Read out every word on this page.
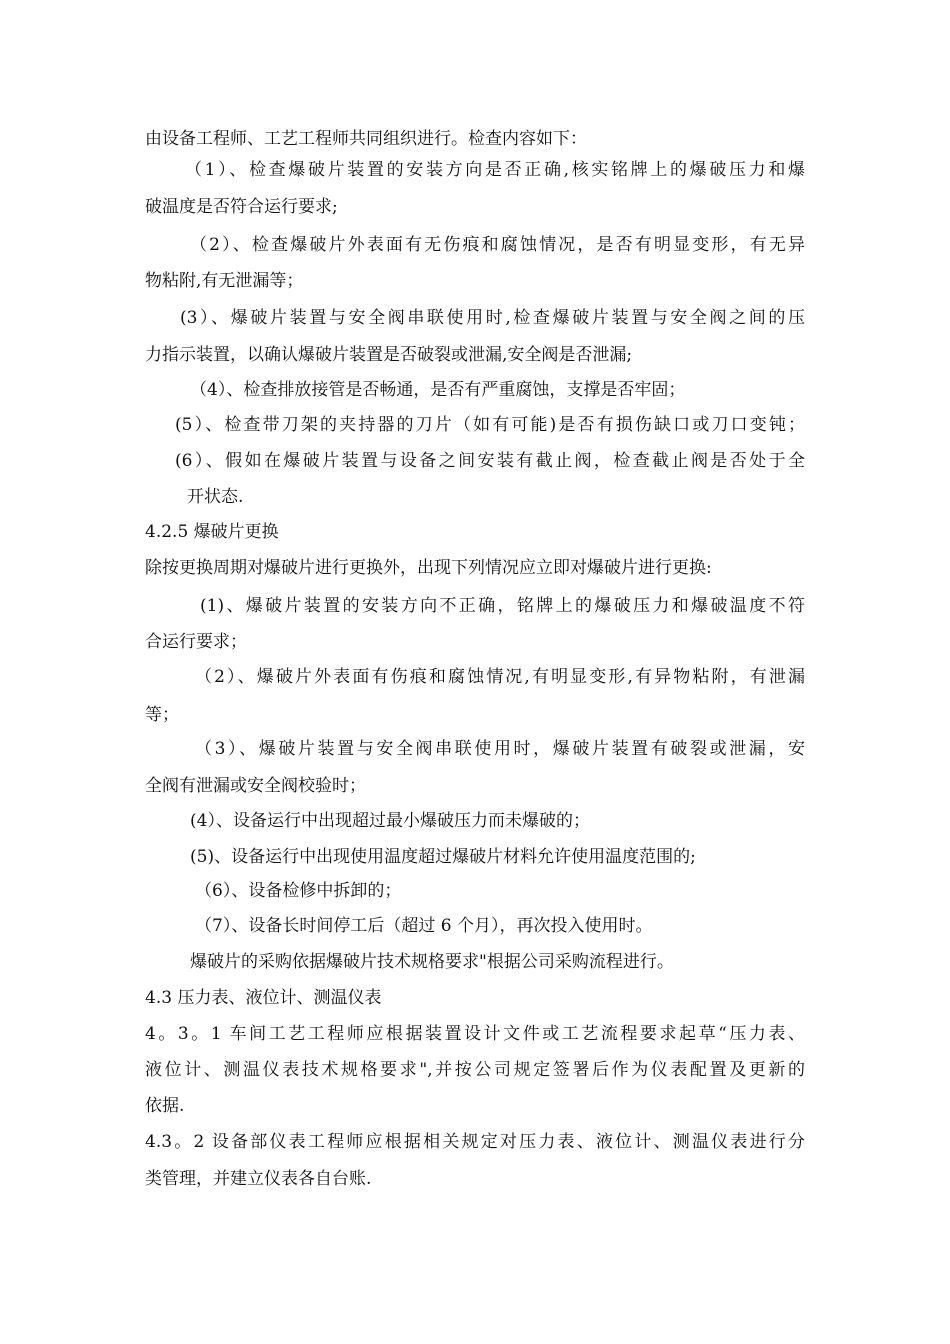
由设备工程师、工艺工程师共同组织进行。检查内容如下：
（1）、检查爆破片装置的安装方向是否正确,核实铭牌上的爆破压力和爆
破温度是否符合运行要求;
（2）、检查爆破片外表面有无伤痕和腐蚀情况，是否有明显变形，有无异
物粘附,有无泄漏等；
(3）、爆破片装置与安全阀串联使用时,检查爆破片装置与安全阀之间的压
力指示装置，以确认爆破片装置是否破裂或泄漏,安全阀是否泄漏;
（4）、检查排放接管是否畅通，是否有严重腐蚀，支撑是否牢固；
(5）、检查带刀架的夹持器的刀片（如有可能)是否有损伤缺口或刀口变钝；
(6）、假如在爆破片装置与设备之间安装有截止阀，检查截止阀是否处于全
开状态.
4.2.5 爆破片更换
除按更换周期对爆破片进行更换外，出现下列情况应立即对爆破片进行更换:
(1)、爆破片装置的安装方向不正确，铭牌上的爆破压力和爆破温度不符
合运行要求；
（2）、爆破片外表面有伤痕和腐蚀情况,有明显变形,有异物粘附，有泄漏
等；
（3）、爆破片装置与安全阀串联使用时，爆破片装置有破裂或泄漏，安
全阀有泄漏或安全阀校验时；
(4）、设备运行中出现超过最小爆破压力而未爆破的；
(5)、设备运行中出现使用温度超过爆破片材料允许使用温度范围的;
（6）、设备检修中拆卸的；
（7）、设备长时间停工后（超过 6 个月），再次投入使用时。
爆破片的采购依据爆破片技术规格要求"根据公司采购流程进行。
4.3 压力表、液位计、测温仪表
4。3。1 车间工艺工程师应根据装置设计文件或工艺流程要求起草“压力表、
液位计、测温仪表技术规格要求",并按公司规定签署后作为仪表配置及更新的
依据.
4.3。2 设备部仪表工程师应根据相关规定对压力表、液位计、测温仪表进行分
类管理，并建立仪表各自台账.
